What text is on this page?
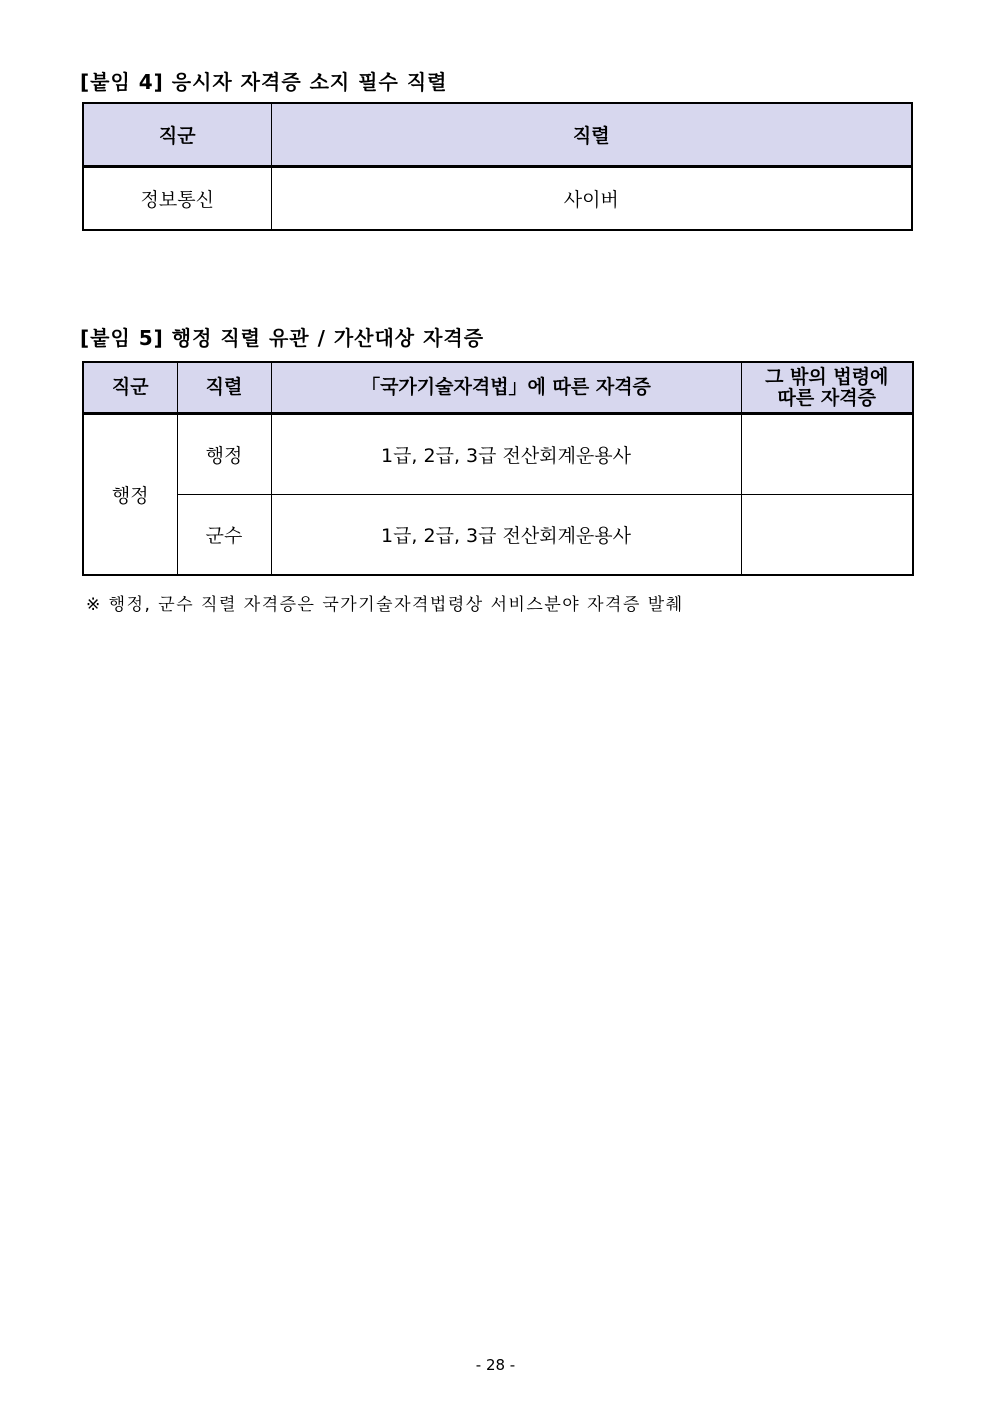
[붙임 4] 응시자 자격증 소지 필수 직렬
직군	직렬
정보통신	사이버
[붙임 5] 행정 직렬 유관 / 가산대상 자격증
직군	직렬	「국가기술자격법」에 따른 자격증	그 밖의 법령에
따른 자격증

행정	행정	1급, 2급, 3급 전산회계운용사	
	군수	1급, 2급, 3급 전산회계운용사	
※ 행정, 군수 직렬 자격증은 국가기술자격법령상 서비스분야 자격증 발췌
- 28 -
